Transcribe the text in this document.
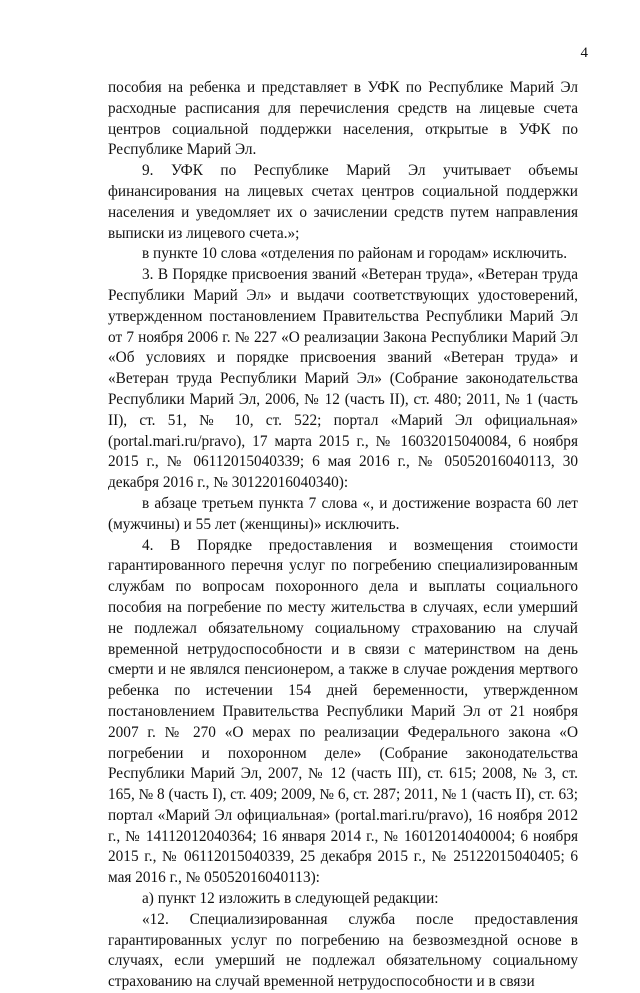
4

пособия на ребенка и представляет в УФК по Республике Марий Эл расходные расписания для перечисления средств на лицевые счета центров социальной поддержки населения, открытые в УФК по Республике Марий Эл.

9. УФК по Республике Марий Эл учитывает объемы финансирования на лицевых счетах центров социальной поддержки населения и уведомляет их о зачислении средств путем направления выписки из лицевого счета.»;

в пункте 10 слова «отделения по районам и городам» исключить.

3. В Порядке присвоения званий «Ветеран труда», «Ветеран труда Республики Марий Эл» и выдачи соответствующих удостоверений, утвержденном постановлением Правительства Республики Марий Эл от 7 ноября 2006 г. № 227 «О реализации Закона Республики Марий Эл «Об условиях и порядке присвоения званий «Ветеран труда» и «Ветеран труда Республики Марий Эл» (Собрание законодательства Республики Марий Эл, 2006, № 12 (часть II), ст. 480; 2011, № 1 (часть II), ст. 51, № 10, ст. 522; портал «Марий Эл официальная» (portal.mari.ru/pravo), 17 марта 2015 г., № 16032015040084, 6 ноября 2015 г., № 06112015040339; 6 мая 2016 г., № 05052016040113, 30 декабря 2016 г., № 30122016040340):

в абзаце третьем пункта 7 слова «, и достижение возраста 60 лет (мужчины) и 55 лет (женщины)» исключить.

4. В Порядке предоставления и возмещения стоимости гарантированного перечня услуг по погребению специализированным службам по вопросам похоронного дела и выплаты социального пособия на погребение по месту жительства в случаях, если умерший не подлежал обязательному социальному страхованию на случай временной нетрудоспособности и в связи с материнством на день смерти и не являлся пенсионером, а также в случае рождения мертвого ребенка по истечении 154 дней беременности, утвержденном постановлением Правительства Республики Марий Эл от 21 ноября 2007 г. № 270 «О мерах по реализации Федерального закона «О погребении и похоронном деле» (Собрание законодательства Республики Марий Эл, 2007, № 12 (часть III), ст. 615; 2008, № 3, ст. 165, № 8 (часть I), ст. 409; 2009, № 6, ст. 287; 2011, № 1 (часть II), ст. 63; портал «Марий Эл официальная» (portal.mari.ru/pravo), 16 ноября 2012 г., № 14112012040364; 16 января 2014 г., № 16012014040004; 6 ноября 2015 г., № 06112015040339, 25 декабря 2015 г., № 25122015040405; 6 мая 2016 г., № 05052016040113):

а) пункт 12 изложить в следующей редакции:

«12. Специализированная служба после предоставления гарантированных услуг по погребению на безвозмездной основе в случаях, если умерший не подлежал обязательному социальному страхованию на случай временной нетрудоспособности и в связи
